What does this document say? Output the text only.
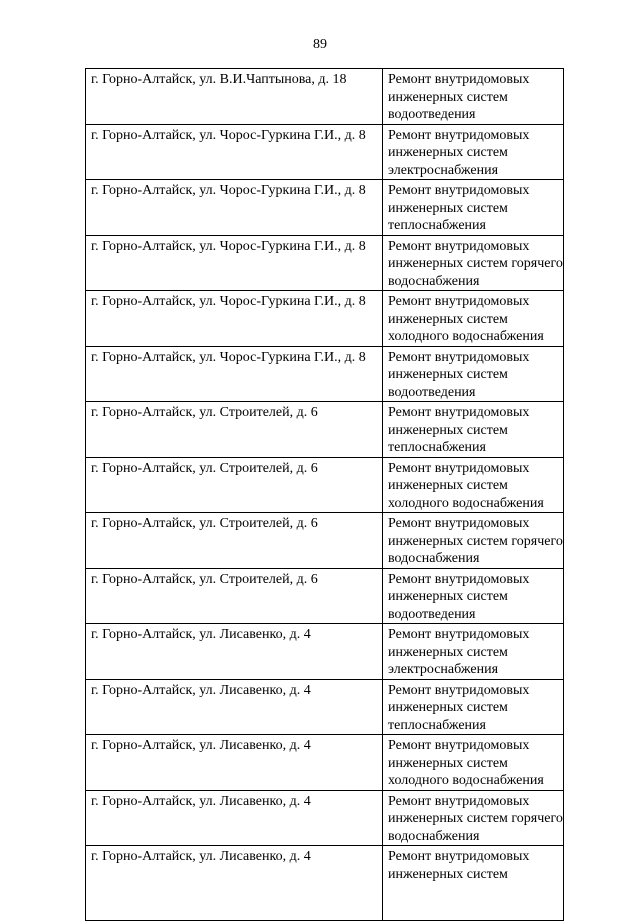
89
г. Горно-Алтайск, ул. В.И.Чаптынова, д. 18	Ремонт внутридомовых
инженерных систем
водоотведения

г. Горно-Алтайск, ул. Чорос-Гуркина Г.И., д. 8	Ремонт внутридомовых
инженерных систем
электроснабжения

г. Горно-Алтайск, ул. Чорос-Гуркина Г.И., д. 8	Ремонт внутридомовых
инженерных систем
теплоснабжения

г. Горно-Алтайск, ул. Чорос-Гуркина Г.И., д. 8	Ремонт внутридомовых
инженерных систем горячего
водоснабжения

г. Горно-Алтайск, ул. Чорос-Гуркина Г.И., д. 8	Ремонт внутридомовых
инженерных систем
холодного водоснабжения

г. Горно-Алтайск, ул. Чорос-Гуркина Г.И., д. 8	Ремонт внутридомовых
инженерных систем
водоотведения

г. Горно-Алтайск, ул. Строителей, д. 6	Ремонт внутридомовых
инженерных систем
теплоснабжения

г. Горно-Алтайск, ул. Строителей, д. 6	Ремонт внутридомовых
инженерных систем
холодного водоснабжения

г. Горно-Алтайск, ул. Строителей, д. 6	Ремонт внутридомовых
инженерных систем горячего
водоснабжения

г. Горно-Алтайск, ул. Строителей, д. 6	Ремонт внутридомовых
инженерных систем
водоотведения

г. Горно-Алтайск, ул. Лисавенко, д. 4	Ремонт внутридомовых
инженерных систем
электроснабжения

г. Горно-Алтайск, ул. Лисавенко, д. 4	Ремонт внутридомовых
инженерных систем
теплоснабжения

г. Горно-Алтайск, ул. Лисавенко, д. 4	Ремонт внутридомовых
инженерных систем
холодного водоснабжения

г. Горно-Алтайск, ул. Лисавенко, д. 4	Ремонт внутридомовых
инженерных систем горячего
водоснабжения

г. Горно-Алтайск, ул. Лисавенко, д. 4	Ремонт внутридомовых
инженерных систем
